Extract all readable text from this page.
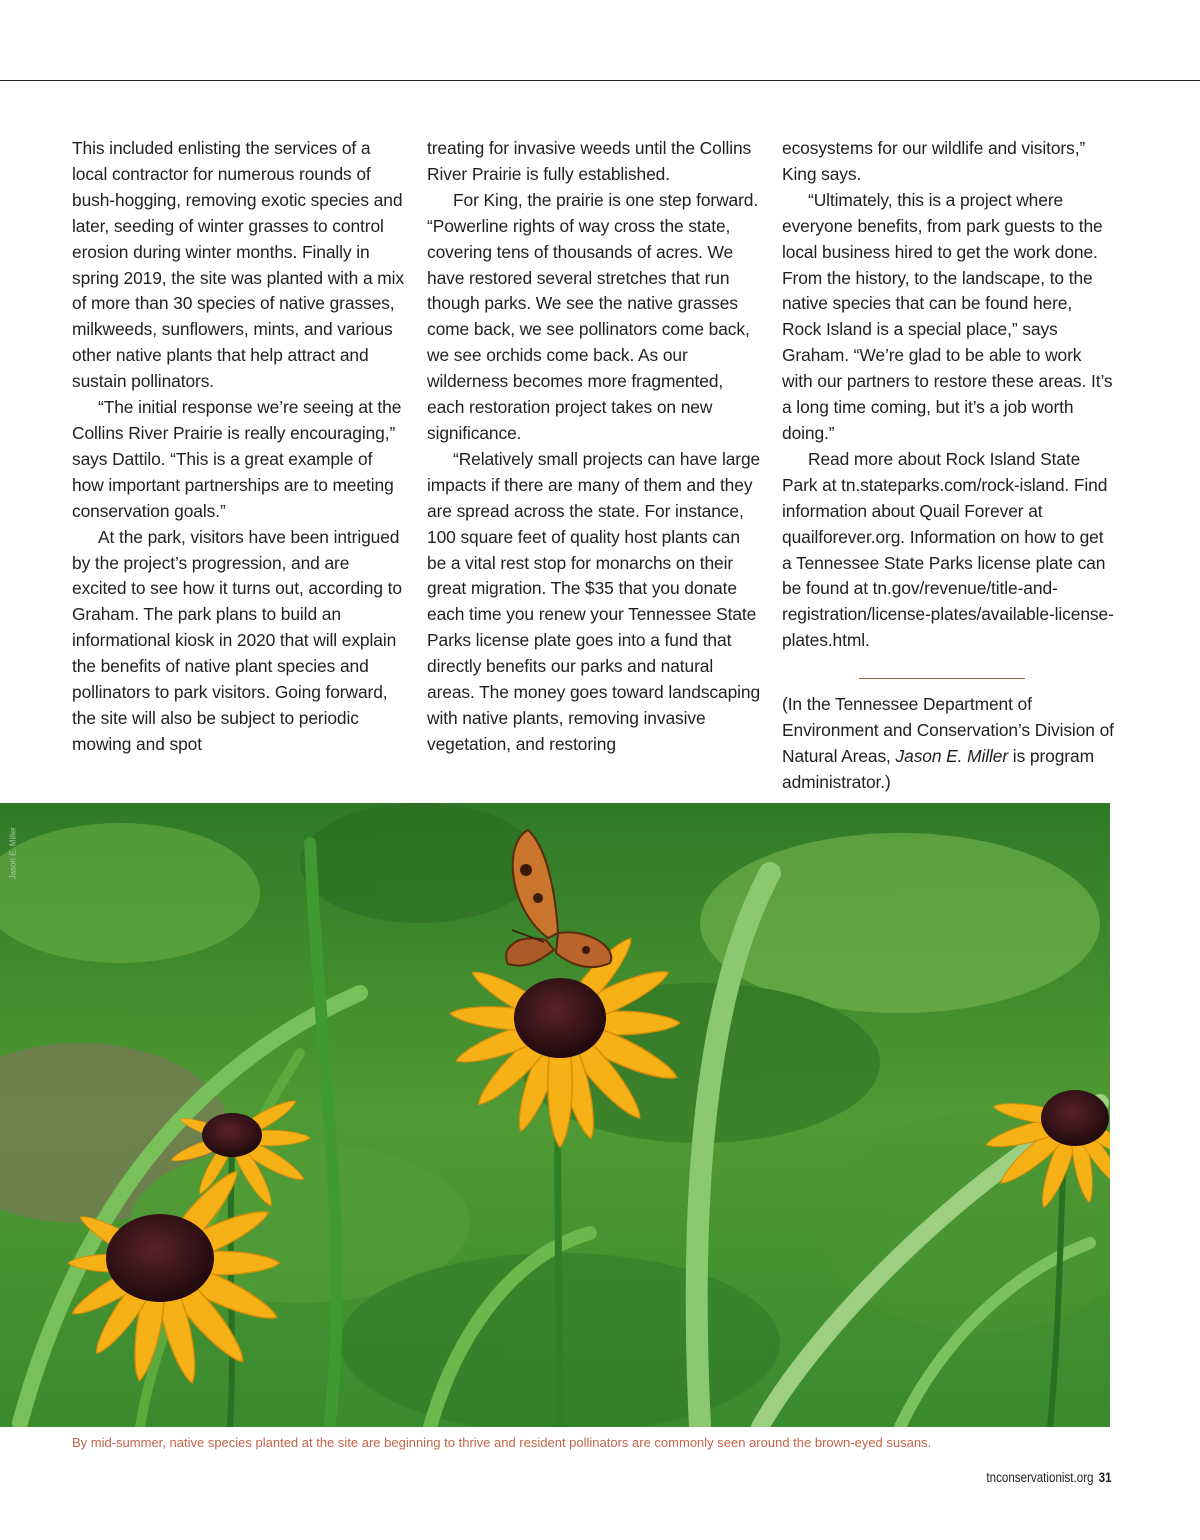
This included enlisting the services of a local contractor for numerous rounds of bush-hogging, removing exotic species and later, seeding of winter grasses to control erosion during winter months. Finally in spring 2019, the site was planted with a mix of more than 30 species of native grasses, milkweeds, sunflowers, mints, and various other native plants that help attract and sustain pollinators.

“The initial response we’re seeing at the Collins River Prairie is really encouraging,” says Dattilo. “This is a great example of how important partnerships are to meeting conservation goals.”

At the park, visitors have been intrigued by the project’s progression, and are excited to see how it turns out, according to Graham. The park plans to build an informational kiosk in 2020 that will explain the benefits of native plant species and pollinators to park visitors. Going forward, the site will also be subject to periodic mowing and spot

treating for invasive weeds until the Collins River Prairie is fully established.

For King, the prairie is one step forward. “Powerline rights of way cross the state, covering tens of thousands of acres. We have restored several stretches that run though parks. We see the native grasses come back, we see pollinators come back, we see orchids come back. As our wilderness becomes more fragmented, each restoration project takes on new significance.

“Relatively small projects can have large impacts if there are many of them and they are spread across the state. For instance, 100 square feet of quality host plants can be a vital rest stop for monarchs on their great migration. The $35 that you donate each time you renew your Tennessee State Parks license plate goes into a fund that directly benefits our parks and natural areas. The money goes toward landscaping with native plants, removing invasive vegetation, and restoring

ecosystems for our wildlife and visitors,” King says.

“Ultimately, this is a project where everyone benefits, from park guests to the local business hired to get the work done. From the history, to the landscape, to the native species that can be found here, Rock Island is a special place,” says Graham. “We’re glad to be able to work with our partners to restore these areas. It’s a long time coming, but it’s a job worth doing.”

Read more about Rock Island State Park at tn.stateparks.com/rock-island. Find information about Quail Forever at quailforever.org. Information on how to get a Tennessee State Parks license plate can be found at tn.gov/revenue/title-and-registration/license-plates/available-license-plates.html.

(In the Tennessee Department of Environment and Conservation’s Division of Natural Areas, Jason E. Miller is program administrator.)

Jason E. Miller
By mid-summer, native species planted at the site are beginning to thrive and resident pollinators are commonly seen around the brown-eyed susans.
tnconservationist.org 31
